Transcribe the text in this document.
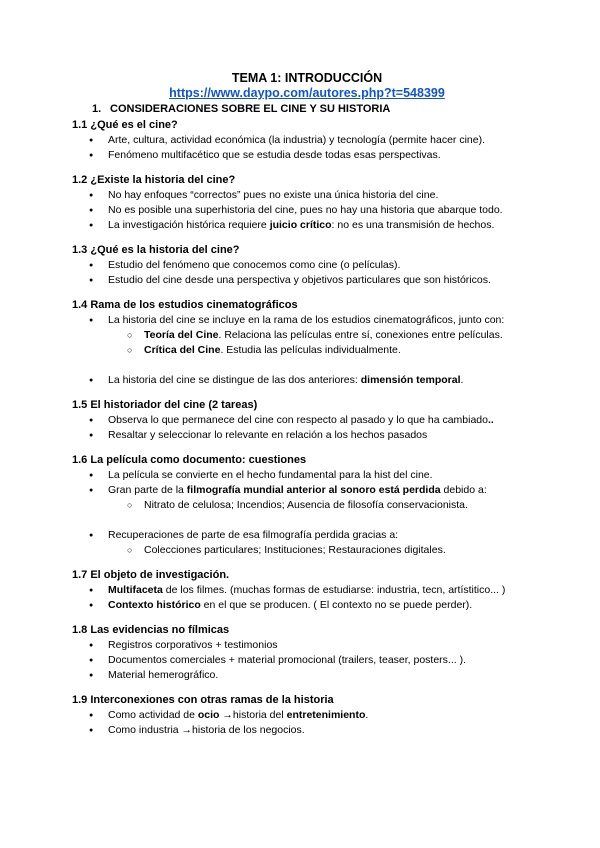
TEMA 1: INTRODUCCIÓN

https://www.daypo.com/autores.php?t=548399

1. CONSIDERACIONES SOBRE EL CINE Y SU HISTORIA

1.1 ¿Qué es el cine?

● Arte, cultura, actividad económica (la industria) y tecnología (permite hacer cine).
● Fenómeno multifacético que se estudia desde todas esas perspectivas.

1.2 ¿Existe la historia del cine?

● No hay enfoques “correctos” pues no existe una única historia del cine.
● No es posible una superhistoria del cine, pues no hay una historia que abarque todo.
● La investigación histórica requiere juicio crítico: no es una transmisión de hechos.

1.3 ¿Qué es la historia del cine?

● Estudio del fenómeno que conocemos como cine (o películas).
● Estudio del cine desde una perspectiva y objetivos particulares que son históricos.

1.4 Rama de los estudios cinematográficos

● La historia del cine se incluye en la rama de los estudios cinematográficos, junto con:
○ Teoría del Cine. Relaciona las películas entre sí, conexiones entre películas.
○ Crítica del Cine. Estudia las películas individualmente.
● La historia del cine se distingue de las dos anteriores: dimensión temporal.

1.5 El historiador del cine (2 tareas)

● Observa lo que permanece del cine con respecto al pasado y lo que ha cambiado..
● Resaltar y seleccionar lo relevante en relación a los hechos pasados

1.6 La película como documento: cuestiones

● La película se convierte en el hecho fundamental para la hist del cine.
● Gran parte de la filmografía mundial anterior al sonoro está perdida debido a:
○ Nitrato de celulosa; Incendios; Ausencia de filosofía conservacionista.
● Recuperaciones de parte de esa filmografía perdida gracias a:
○ Colecciones particulares; Instituciones; Restauraciones digitales.

1.7 El objeto de investigación.

● Multifaceta de los filmes. (muchas formas de estudiarse: industria, tecn, artístitico... )
● Contexto histórico en el que se producen. ( El contexto no se puede perder).

1.8 Las evidencias no fílmicas

● Registros corporativos + testimonios
● Documentos comerciales + material promocional (trailers, teaser, posters... ).
● Material hemerográfico.

1.9 Interconexiones con otras ramas de la historia

● Como actividad de ocio →historia del entretenimiento.
● Como industria →historia de los negocios.
